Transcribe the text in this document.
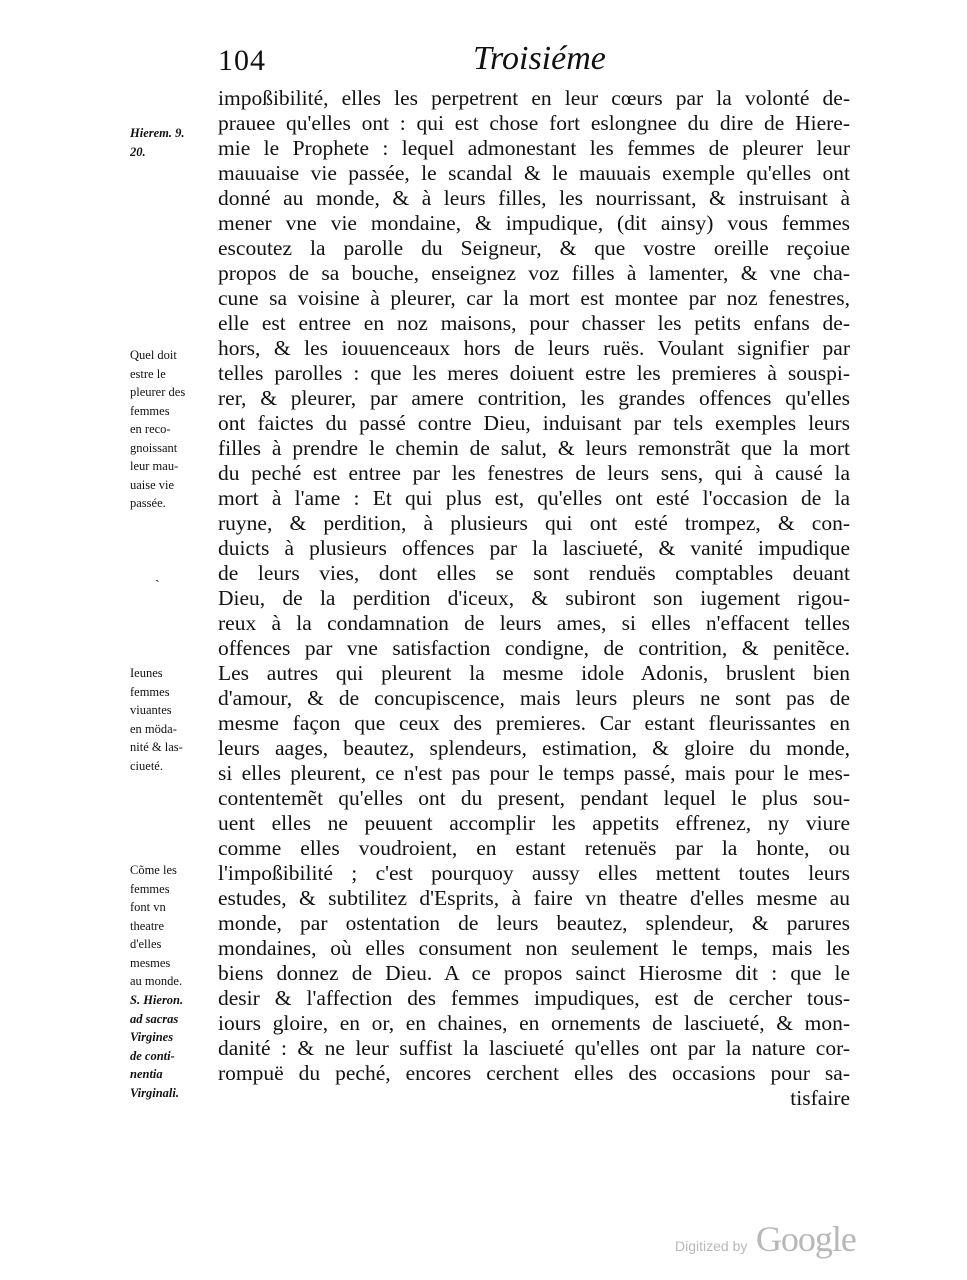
104	Troisiéme
Hierem. 9.
20.
Quel doit
estre le
pleurer des
femmes
en reco-
gnoissant
leur mau-
uaise vie
passée.
ˎ
Ieunes
femmes
viuantes
en möda-
nité & las-
ciueté.
Cõme les
femmes
font vn
theatre
d'elles
mesmes
au monde.
S. Hieron.
ad sacras
Virgines
de conti-
nentia
Virginali.
impoßibilité, elles les perpetrent en leur cœurs par la volonté de-
prauee qu'elles ont : qui est chose fort eslongnee du dire de Hiere-
mie le Prophete : lequel admonestant les femmes de pleurer leur
mauuaise vie passée, le scandal & le mauuais exemple qu'elles ont
donné au monde, & à leurs filles, les nourrissant, & instruisant à
mener vne vie mondaine, & impudique, (dit ainsy) vous femmes
escoutez la parolle du Seigneur, & que vostre oreille reçoiue
propos de sa bouche, enseignez voz filles à lamenter, & vne cha-
cune sa voisine à pleurer, car la mort est montee par noz fenestres,
elle est entree en noz maisons, pour chasser les petits enfans de-
hors, & les iouuenceaux hors de leurs ruës. Voulant signifier par
telles parolles : que les meres doiuent estre les premieres à souspi-
rer, & pleurer, par amere contrition, les grandes offences qu'elles
ont faictes du passé contre Dieu, induisant par tels exemples leurs
filles à prendre le chemin de salut, & leurs remonstrãt que la mort
du peché est entree par les fenestres de leurs sens, qui à causé la
mort à l'ame : Et qui plus est, qu'elles ont esté l'occasion de la
ruyne, & perdition, à plusieurs qui ont esté trompez, & con-
duicts à plusieurs offences par la lasciueté, & vanité impudique
de leurs vies, dont elles se sont renduës comptables deuant
Dieu, de la perdition d'iceux, & subiront son iugement rigou-
reux à la condamnation de leurs ames, si elles n'effacent telles
offences par vne satisfaction condigne, de contrition, & penitẽce.
Les autres qui pleurent la mesme idole Adonis, bruslent bien
d'amour, & de concupiscence, mais leurs pleurs ne sont pas de
mesme façon que ceux des premieres. Car estant fleurissantes en
leurs aages, beautez, splendeurs, estimation, & gloire du monde,
si elles pleurent, ce n'est pas pour le temps passé, mais pour le mes-
contentemẽt qu'elles ont du present, pendant lequel le plus sou-
uent elles ne peuuent accomplir les appetits effrenez, ny viure
comme elles voudroient, en estant retenuës par la honte, ou
l'impoßibilité ; c'est pourquoy aussy elles mettent toutes leurs
estudes, & subtilitez d'Esprits, à faire vn theatre d'elles mesme au
monde, par ostentation de leurs beautez, splendeur, & parures
mondaines, où elles consument non seulement le temps, mais les
biens donnez de Dieu. A ce propos sainct Hierosme dit : que le
desir & l'affection des femmes impudiques, est de cercher tous-
iours gloire, en or, en chaines, en ornements de lasciueté, & mon-
danité : & ne leur suffist la lasciueté qu'elles ont par la nature cor-
rompuë du peché, encores cerchent elles des occasions pour sa-
tisfaire
Digitized by Google
